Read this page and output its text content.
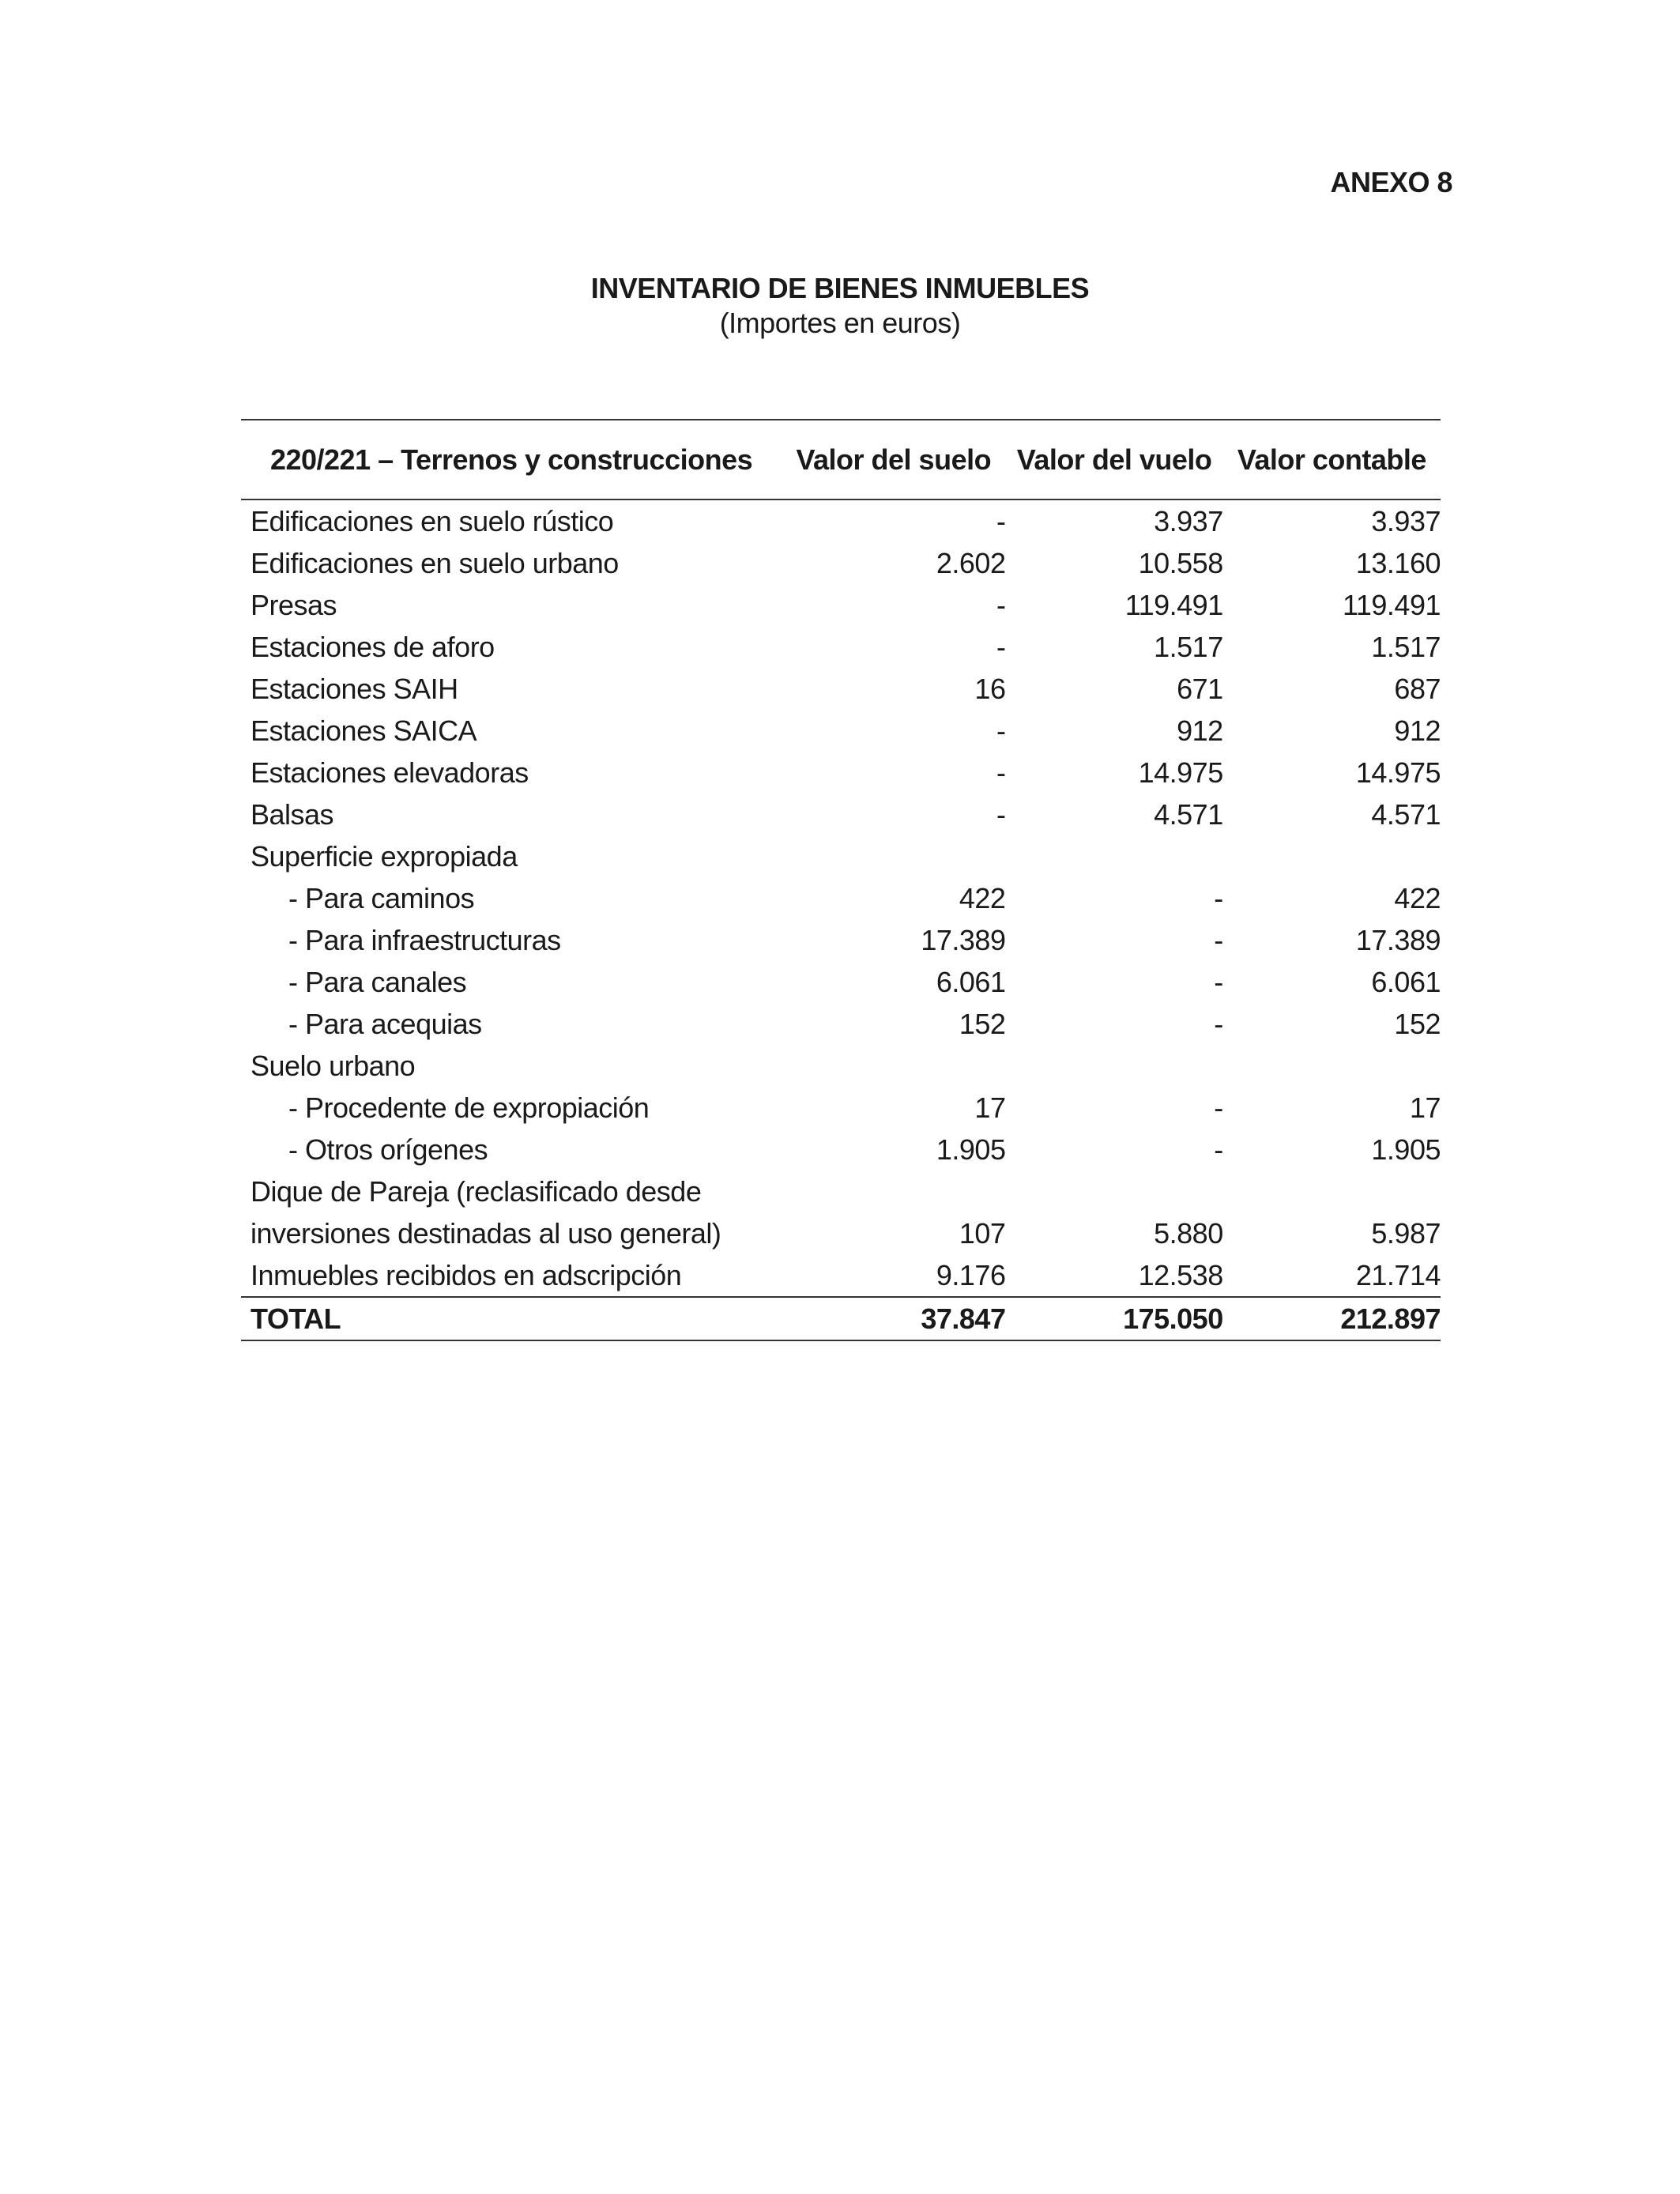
ANEXO 8
INVENTARIO DE BIENES INMUEBLES
(Importes en euros)
220/221 – Terrenos y construcciones		Valor del suelo	Valor del vuelo	Valor contable
Edificaciones en suelo rústico		-	3.937	3.937
Edificaciones en suelo urbano		2.602	10.558	13.160
Presas		-	119.491	119.491
Estaciones de aforo		-	1.517	1.517
Estaciones SAIH		16	671	687
Estaciones SAICA		-	912	912
Estaciones elevadoras		-	14.975	14.975
Balsas		-	4.571	4.571
Superficie expropiada				
- Para caminos		422	-	422
- Para infraestructuras		17.389	-	17.389
- Para canales		6.061	-	6.061
- Para acequias		152	-	152
Suelo urbano				
- Procedente de expropiación		17	-	17
- Otros orígenes		1.905	-	1.905

Dique de Pareja (reclasificado desde
inversiones destinadas al uso general)		107	5.880	5.987
Inmuebles recibidos en adscripción		9.176	12.538	21.714
TOTAL		37.847	175.050	212.897
